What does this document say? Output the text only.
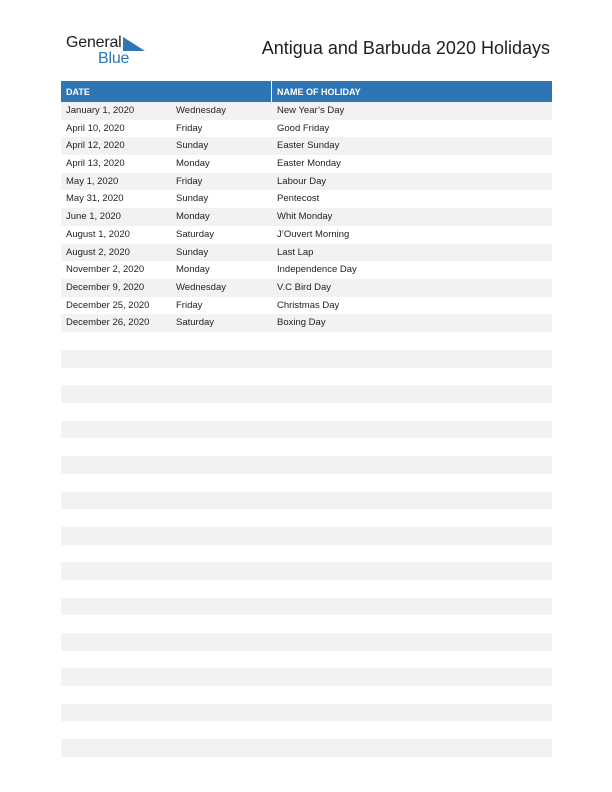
General
Blue
Antigua and Barbuda 2020 Holidays
DATE	NAME OF HOLIDAY
January 1, 2020	Wednesday	New Year’s Day
April 10, 2020	Friday	Good Friday
April 12, 2020	Sunday	Easter Sunday
April 13, 2020	Monday	Easter Monday
May 1, 2020	Friday	Labour Day
May 31, 2020	Sunday	Pentecost
June 1, 2020	Monday	Whit Monday
August 1, 2020	Saturday	J’Ouvert Morning
August 2, 2020	Sunday	Last Lap
November 2, 2020	Monday	Independence Day
December 9, 2020	Wednesday	V.C Bird Day
December 25, 2020	Friday	Christmas Day
December 26, 2020	Saturday	Boxing Day
